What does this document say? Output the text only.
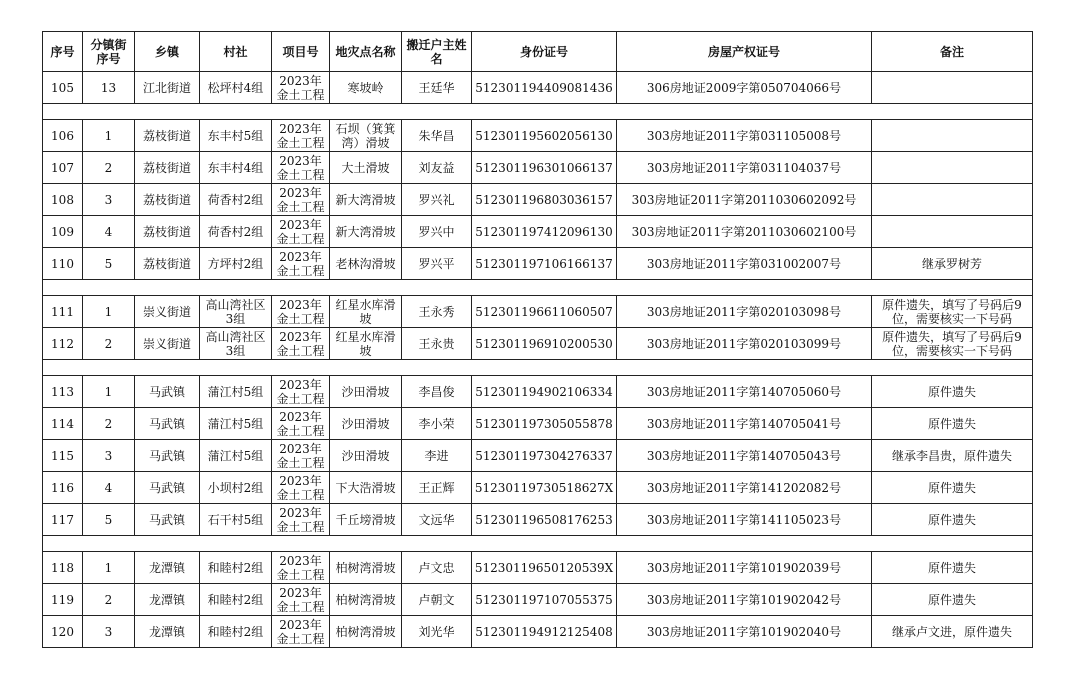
序号	分镇街序号	乡镇	村社	项目号	地灾点名称	搬迁户主姓名	身份证号	房屋产权证号	备注
105	13	江北街道	松坪村4组	2023年金土工程	寒坡岭	王廷华	512301194409081436	306房地证2009字第050704066号	

106	1	荔枝街道	东丰村5组	2023年金土工程	石坝（箕箕湾）滑坡	朱华昌	512301195602056130	303房地证2011字第031105008号	
107	2	荔枝街道	东丰村4组	2023年金土工程	大土滑坡	刘友益	512301196301066137	303房地证2011字第031104037号	
108	3	荔枝街道	荷香村2组	2023年金土工程	新大湾滑坡	罗兴礼	512301196803036157	303房地证2011字第2011030602092号	
109	4	荔枝街道	荷香村2组	2023年金土工程	新大湾滑坡	罗兴中	512301197412096130	303房地证2011字第2011030602100号	
110	5	荔枝街道	方坪村2组	2023年金土工程	老林沟滑坡	罗兴平	512301197106166137	303房地证2011字第031002007号	继承罗树芳

111	1	崇义街道	高山湾社区3组	2023年金土工程	红星水库滑坡	王永秀	512301196611060507	303房地证2011字第020103098号	原件遗失，填写了号码后9位，需要核实一下号码
112	2	崇义街道	高山湾社区3组	2023年金土工程	红星水库滑坡	王永贵	512301196910200530	303房地证2011字第020103099号	原件遗失，填写了号码后9位，需要核实一下号码

113	1	马武镇	蒲江村5组	2023年金土工程	沙田滑坡	李昌俊	512301194902106334	303房地证2011字第140705060号	原件遗失
114	2	马武镇	蒲江村5组	2023年金土工程	沙田滑坡	李小荣	512301197305055878	303房地证2011字第140705041号	原件遗失
115	3	马武镇	蒲江村5组	2023年金土工程	沙田滑坡	李进	512301197304276337	303房地证2011字第140705043号	继承李昌贵，原件遗失
116	4	马武镇	小坝村2组	2023年金土工程	下大浩滑坡	王正辉	51230119730518627X	303房地证2011字第141202082号	原件遗失
117	5	马武镇	石干村5组	2023年金土工程	千丘塝滑坡	文远华	512301196508176253	303房地证2011字第141105023号	原件遗失

118	1	龙潭镇	和睦村2组	2023年金土工程	柏树湾滑坡	卢文忠	51230119650120539X	303房地证2011字第101902039号	原件遗失
119	2	龙潭镇	和睦村2组	2023年金土工程	柏树湾滑坡	卢朝文	512301197107055375	303房地证2011字第101902042号	原件遗失
120	3	龙潭镇	和睦村2组	2023年金土工程	柏树湾滑坡	刘光华	512301194912125408	303房地证2011字第101902040号	继承卢文进，原件遗失
